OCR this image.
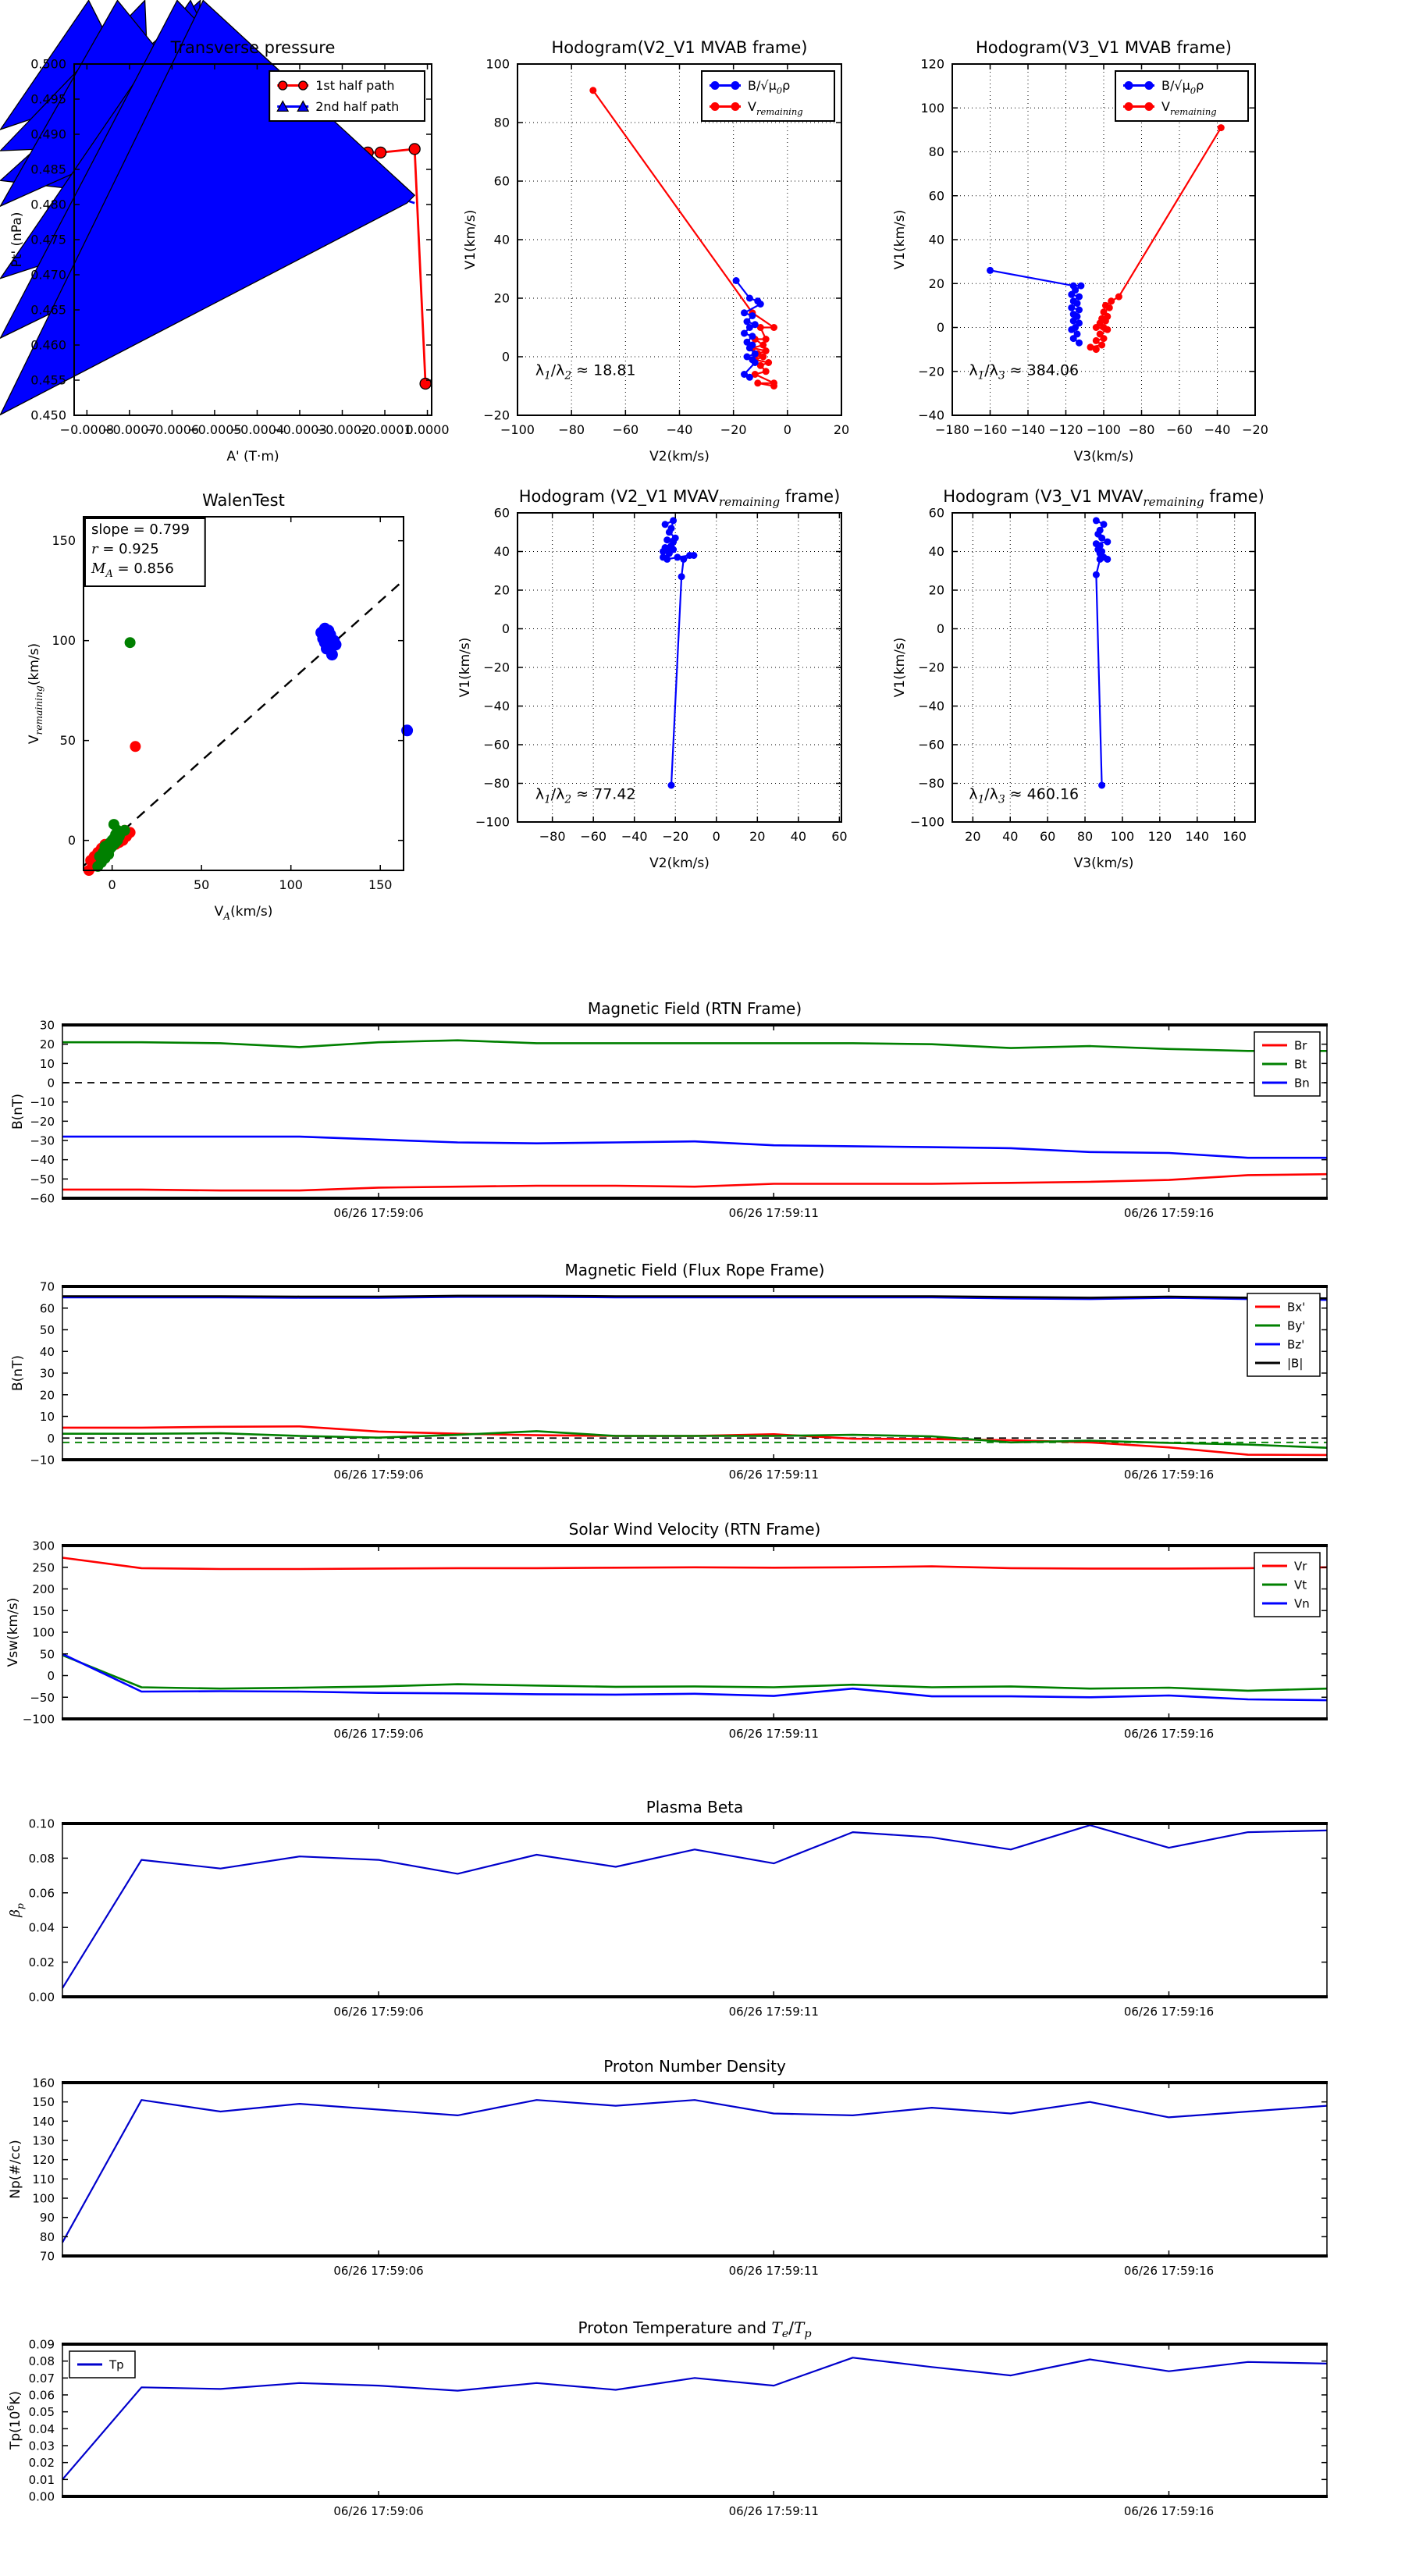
−0.0008
−0.0007
−0.0006
−0.0005
−0.0004
−0.0003
−0.0002
−0.0001
0.0000
0.450
0.455
0.460
0.465
0.470
0.475
0.480
0.485
0.490
0.495
0.500
Transverse pressure
A' (T·m)
Pt' (nPa)
1st half path
2nd half path
−100 −80 −60 −40 −20	0	20
−20
0
20
40
60
80
100
Hodogram(V2_V1 MVAB frame)
V2(km/s)
V1(km/s)
$\lambda_1/\lambda_2 \approx 18.81$
$B/√\mu_0\rho$
$V_{remaining}$
−180 −160 −140 −120 −100 −80 −60 −40 −20
−40
−20
0
20
40
60
80
100
120
Hodogram(V3_V1 MVAB frame)
V3(km/s)
V1(km/s)
$\lambda_1/\lambda_3 \approx 384.06$
$B/√\mu_0\rho$
$V_{remaining}$
0	50	100	150
0
50
100
150
WalenTest
$V_A(km/s)$
$V_{remaining}(km/s)$
slope = 0.799
r = 0.925
$M_A = 0.856$
−80 −60 −40 −20 0 20 40 60
−100
−80
−60
−40
−20
0
20
40
60
Hodogram (V2_V1 $MVAV_{remaining}$ frame)
V2(km/s)
V1(km/s)
$\lambda_1/\lambda_2 \approx 77.42$
20 40 60 80 100 120 140 160
−100
−80
−60
−40
−20
0
20
40
60
Hodogram (V3_V1 $MVAV_{remaining}$ frame)
V3(km/s)
V1(km/s)
$\lambda_1/\lambda_3 \approx 460.16$
06/26 17:59:06	06/26 17:59:11	06/26 17:59:16
−60
−50
−40
−30
−20
−10
0
10
20
30
Magnetic Field (RTN Frame)
B(nT)
Br
Bt
Bn
06/26 17:59:06	06/26 17:59:11	06/26 17:59:16
−10
0
10
20
30
40
50
60
70
Magnetic Field (Flux Rope Frame)
B(nT)
Bx'
By'
Bz'
|B|
06/26 17:59:06	06/26 17:59:11	06/26 17:59:16
−100
−50
0
50
100
150
200
250
300
Solar Wind Velocity (RTN Frame)
Vsw(km/s)
Vr
Vt
Vn
06/26 17:59:06	06/26 17:59:11	06/26 17:59:16
0.00
0.02
0.04
0.06
0.08
0.10
Plasma Beta
$\beta_p$
06/26 17:59:06	06/26 17:59:11	06/26 17:59:16
70
80
90
100
110
120
130
140
150
160
Proton Number Density
Np(#/cc)
06/26 17:59:06	06/26 17:59:11	06/26 17:59:16
0.00
0.01
0.02
0.03
0.04
0.05
0.06
0.07
0.08
0.09
Proton Temperature and $T_e/T_p$
$Tp(10^6K)$
Tp
